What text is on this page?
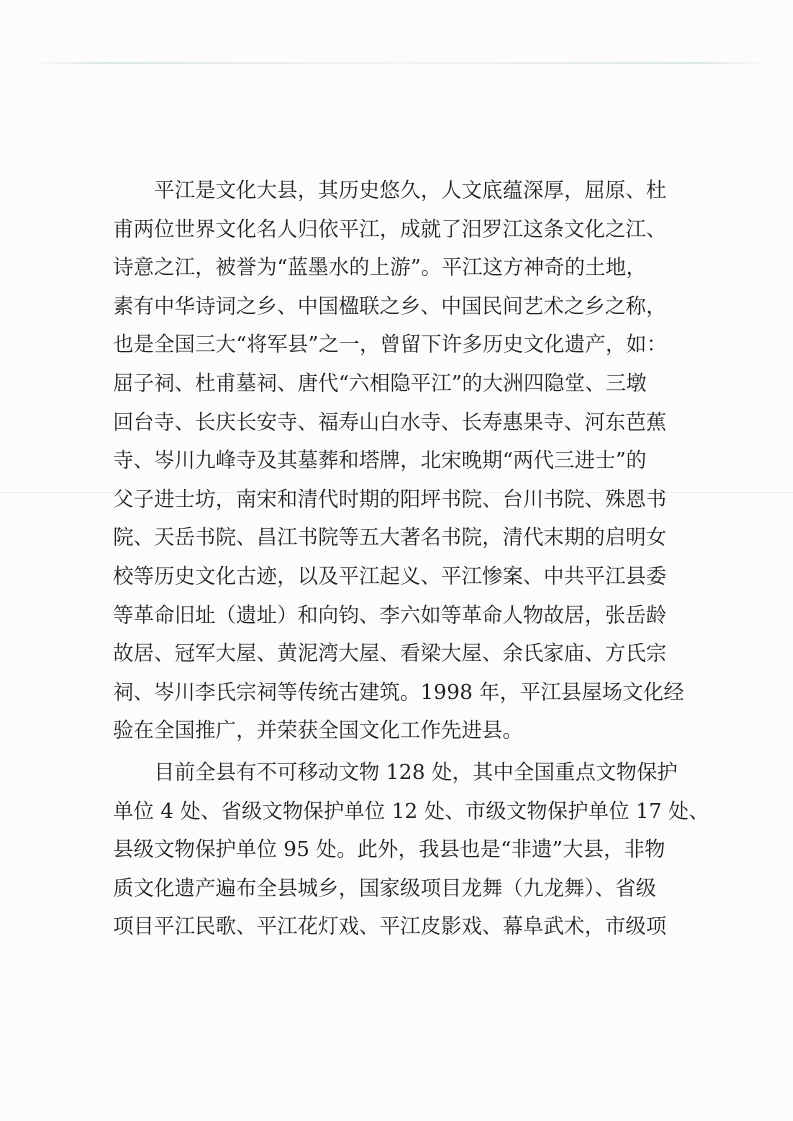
平江是文化大县，其历史悠久，人文底蕴深厚，屈原、杜
甫两位世界文化名人归依平江，成就了汨罗江这条文化之江、
诗意之江，被誉为“蓝墨水的上游”。平江这方神奇的土地，
素有中华诗词之乡、中国楹联之乡、中国民间艺术之乡之称，
也是全国三大“将军县”之一，曾留下许多历史文化遗产，如：
屈子祠、杜甫墓祠、唐代“六相隐平江”的大洲四隐堂、三墩
回台寺、长庆长安寺、福寿山白水寺、长寿惠果寺、河东芭蕉
寺、岑川九峰寺及其墓葬和塔牌，北宋晚期“两代三进士”的
父子进士坊，南宋和清代时期的阳坪书院、台川书院、殊恩书
院、天岳书院、昌江书院等五大著名书院，清代末期的启明女
校等历史文化古迹，以及平江起义、平江惨案、中共平江县委
等革命旧址（遗址）和向钧、李六如等革命人物故居，张岳龄
故居、冠军大屋、黄泥湾大屋、看梁大屋、余氏家庙、方氏宗
祠、岑川李氏宗祠等传统古建筑。1998 年，平江县屋场文化经
验在全国推广，并荣获全国文化工作先进县。
目前全县有不可移动文物 128 处，其中全国重点文物保护
单位 4 处、省级文物保护单位 12 处、市级文物保护单位 17 处、
县级文物保护单位 95 处。此外，我县也是“非遗”大县，非物
质文化遗产遍布全县城乡，国家级项目龙舞（九龙舞）、省级
项目平江民歌、平江花灯戏、平江皮影戏、幕阜武术，市级项
